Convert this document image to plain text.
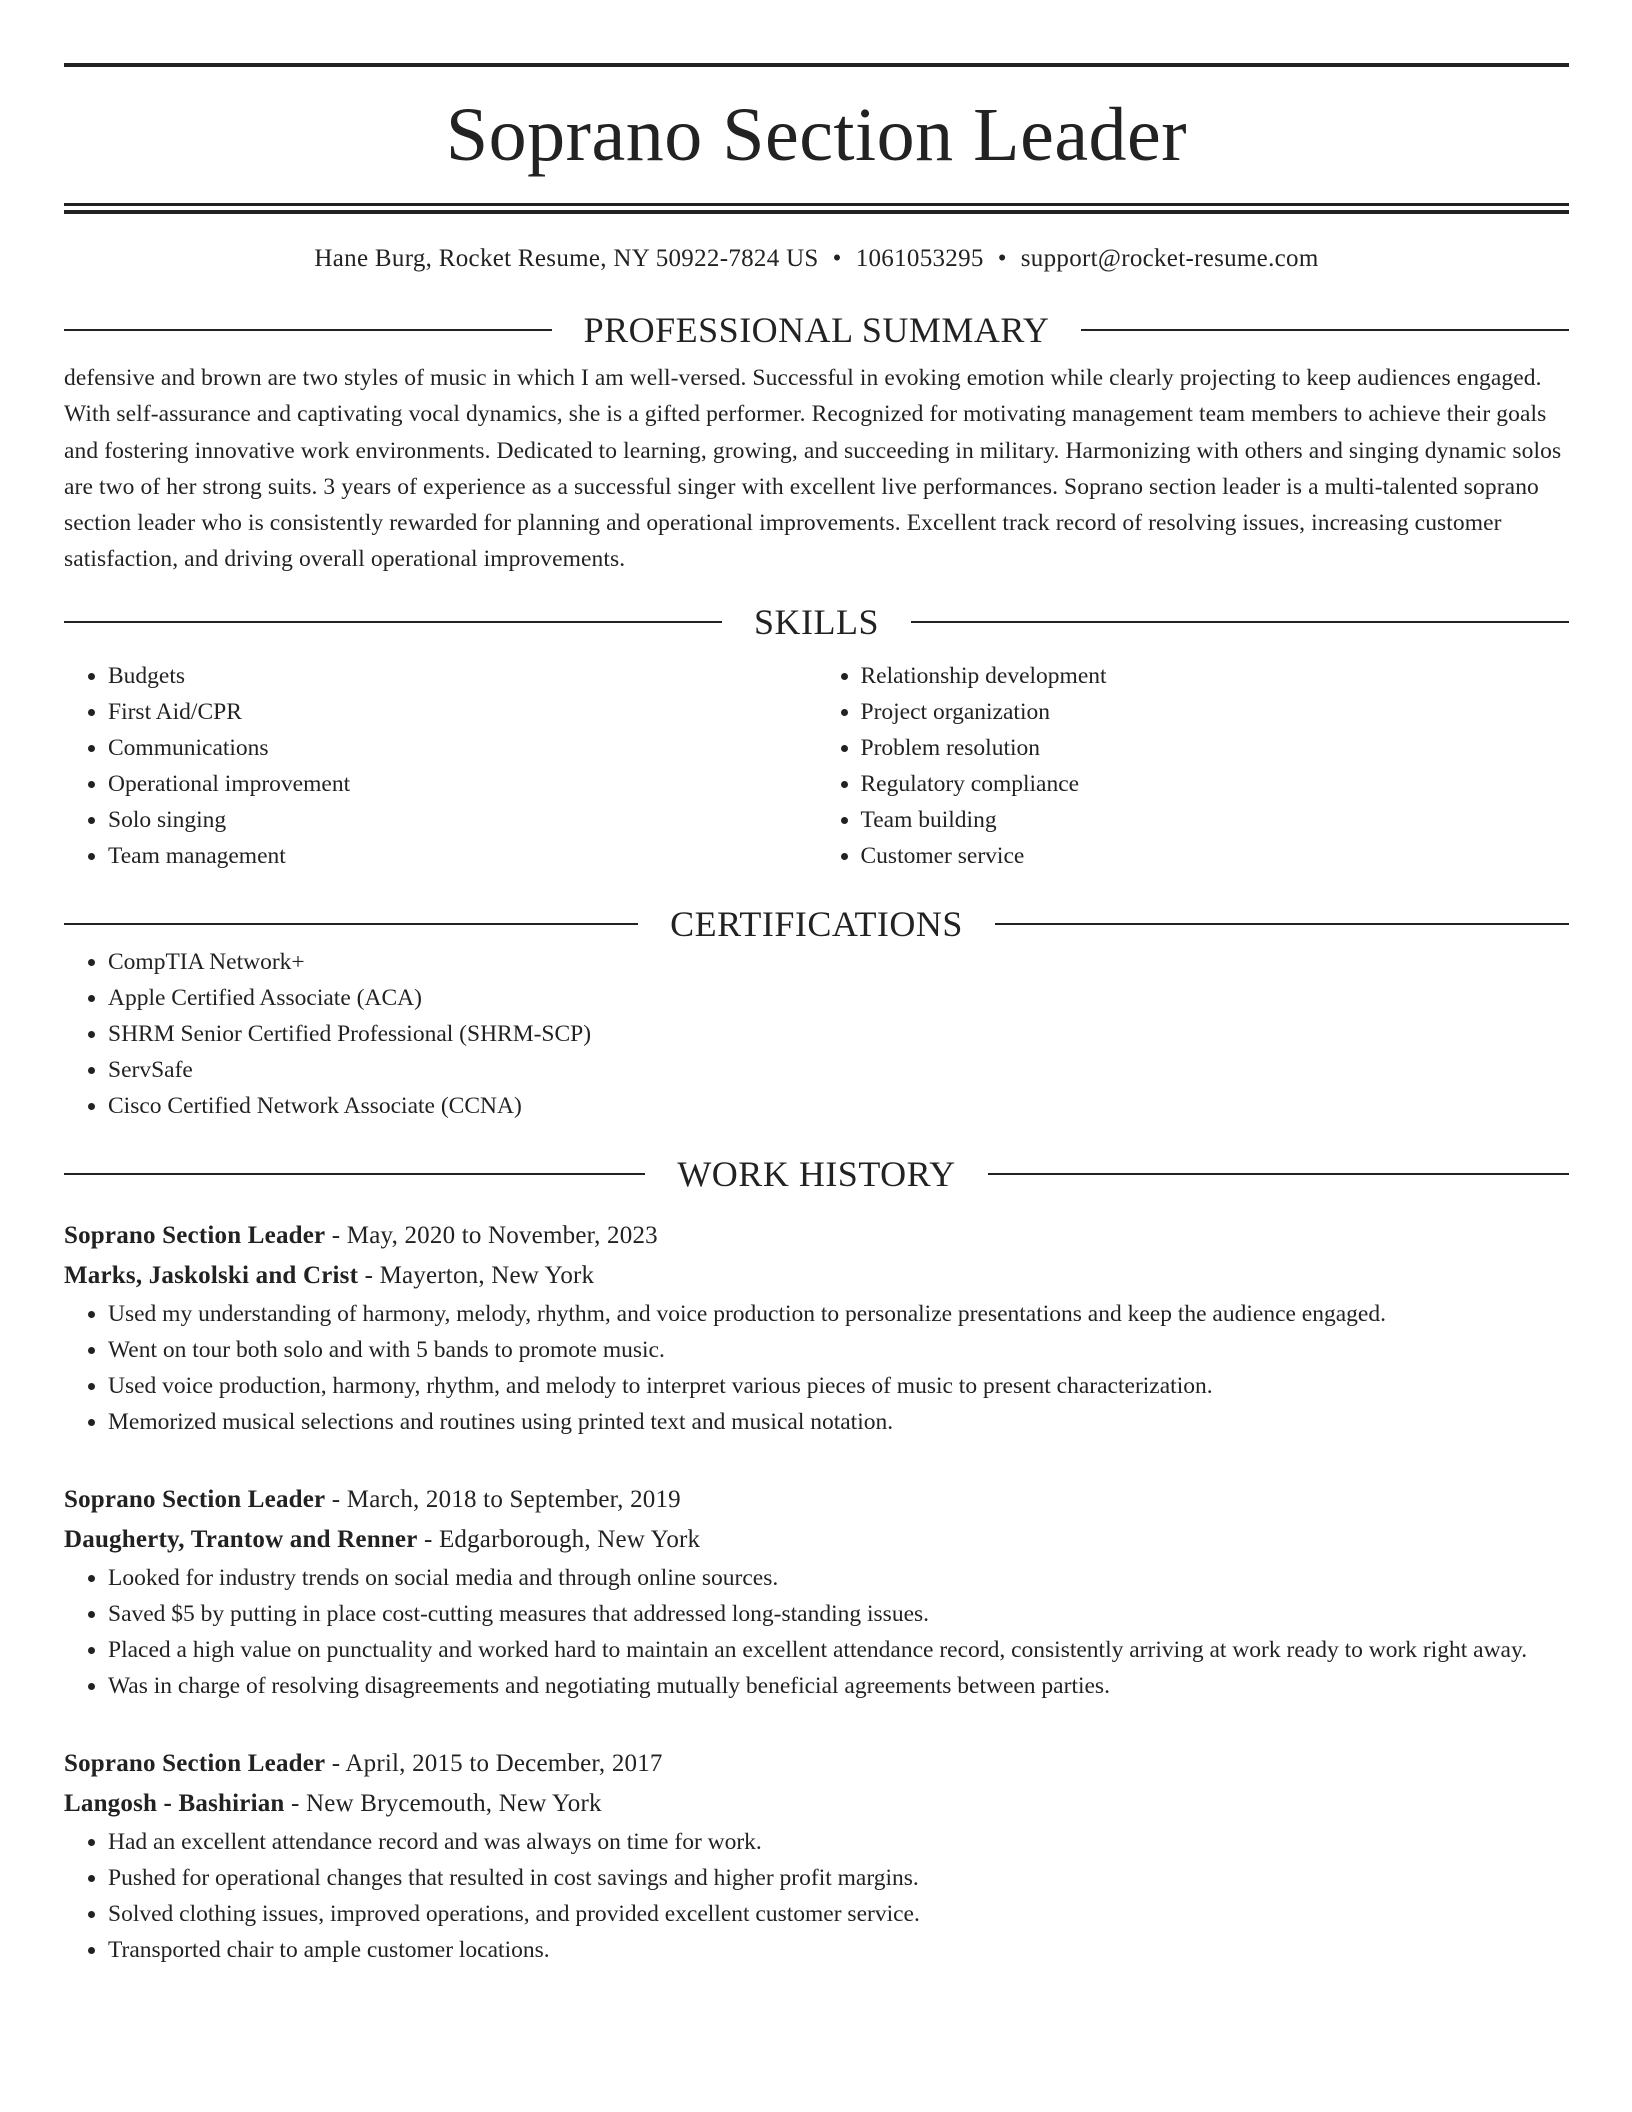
Soprano Section Leader
Hane Burg, Rocket Resume, NY 50922-7824 US • 1061053295 • support@rocket-resume.com
PROFESSIONAL SUMMARY
defensive and brown are two styles of music in which I am well-versed. Successful in evoking emotion while clearly projecting to keep audiences engaged. With self-assurance and captivating vocal dynamics, she is a gifted performer. Recognized for motivating management team members to achieve their goals and fostering innovative work environments. Dedicated to learning, growing, and succeeding in military. Harmonizing with others and singing dynamic solos are two of her strong suits. 3 years of experience as a successful singer with excellent live performances. Soprano section leader is a multi-talented soprano section leader who is consistently rewarded for planning and operational improvements. Excellent track record of resolving issues, increasing customer satisfaction, and driving overall operational improvements.
SKILLS
• Budgets
• First Aid/CPR
• Communications
• Operational improvement
• Solo singing
• Team management
• Relationship development
• Project organization
• Problem resolution
• Regulatory compliance
• Team building
• Customer service
CERTIFICATIONS
• CompTIA Network+
• Apple Certified Associate (ACA)
• SHRM Senior Certified Professional (SHRM-SCP)
• ServSafe
• Cisco Certified Network Associate (CCNA)
WORK HISTORY
Soprano Section Leader - May, 2020 to November, 2023
Marks, Jaskolski and Crist - Mayerton, New York
• Used my understanding of harmony, melody, rhythm, and voice production to personalize presentations and keep the audience engaged.
• Went on tour both solo and with 5 bands to promote music.
• Used voice production, harmony, rhythm, and melody to interpret various pieces of music to present characterization.
• Memorized musical selections and routines using printed text and musical notation.
Soprano Section Leader - March, 2018 to September, 2019
Daugherty, Trantow and Renner - Edgarborough, New York
• Looked for industry trends on social media and through online sources.
• Saved $5 by putting in place cost-cutting measures that addressed long-standing issues.
• Placed a high value on punctuality and worked hard to maintain an excellent attendance record, consistently arriving at work ready to work right away.
• Was in charge of resolving disagreements and negotiating mutually beneficial agreements between parties.
Soprano Section Leader - April, 2015 to December, 2017
Langosh - Bashirian - New Brycemouth, New York
• Had an excellent attendance record and was always on time for work.
• Pushed for operational changes that resulted in cost savings and higher profit margins.
• Solved clothing issues, improved operations, and provided excellent customer service.
• Transported chair to ample customer locations.
